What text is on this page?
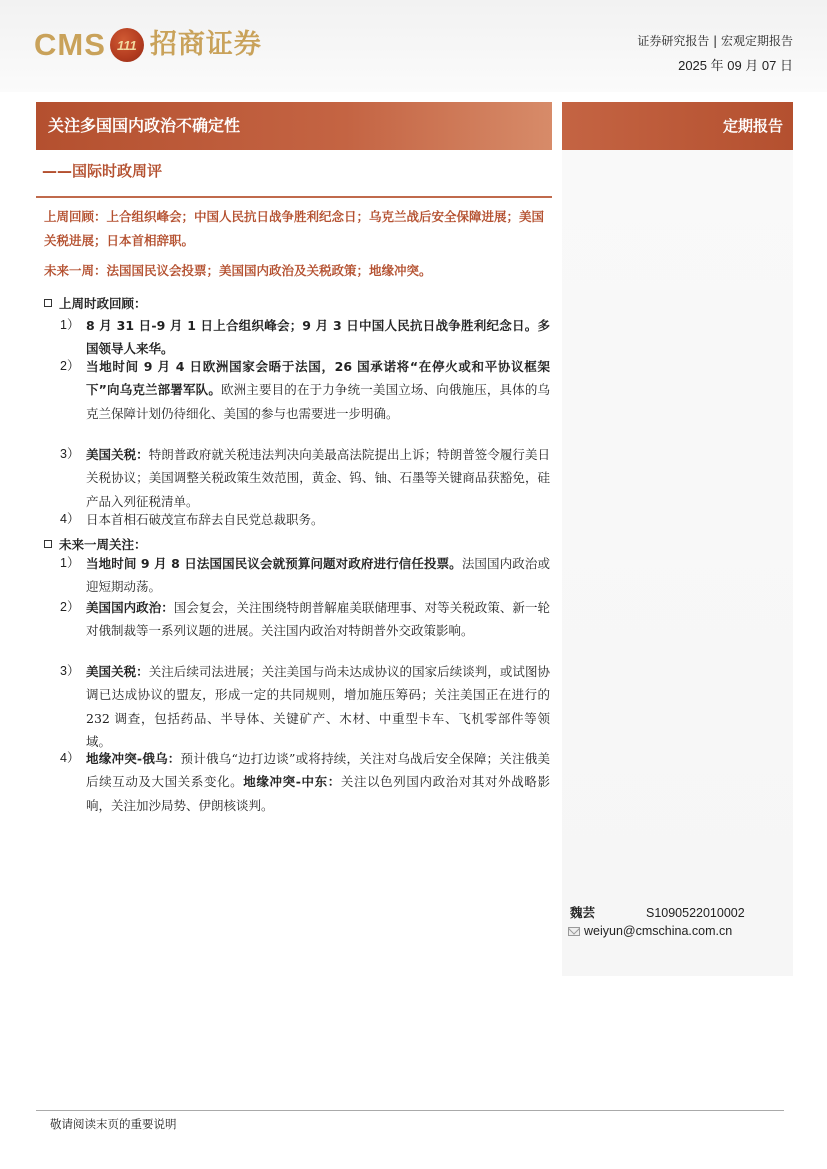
CMS 111 招商证券	证券研究报告 | 宏观定期报告
2025 年 09 月 07 日
关注多国国内政治不确定性
——国际时政周评
定期报告
魏芸	S1090522010002
weiyun@cmschina.com.cn
上周回顾：上合组织峰会；中国人民抗日战争胜利纪念日；乌克兰战后安全保障进展；美国关税进展；日本首相辞职。
未来一周：法国国民议会投票；美国国内政治及关税政策；地缘冲突。
上周时政回顾：
1） 8 月 31 日-9 月 1 日上合组织峰会；9 月 3 日中国人民抗日战争胜利纪念日。多国领导人来华。
2） 当地时间 9 月 4 日欧洲国家会晤于法国，26 国承诺将“在停火或和平协议框架下”向乌克兰部署军队。欧洲主要目的在于力争统一美国立场、向俄施压，具体的乌克兰保障计划仍待细化、美国的参与也需要进一步明确。
3） 美国关税：特朗普政府就关税违法判决向美最高法院提出上诉；特朗普签令履行美日关税协议；美国调整关税政策生效范围，黄金、钨、铀、石墨等关键商品获豁免，硅产品入列征税清单。
4） 日本首相石破茂宣布辞去自民党总裁职务。
未来一周关注：
1） 当地时间 9 月 8 日法国国民议会就预算问题对政府进行信任投票。法国国内政治或迎短期动荡。
2） 美国国内政治：国会复会，关注围绕特朗普解雇美联储理事、对等关税政策、新一轮对俄制裁等一系列议题的进展。关注国内政治对特朗普外交政策影响。
3） 美国关税：关注后续司法进展；关注美国与尚未达成协议的国家后续谈判，或试图协调已达成协议的盟友，形成一定的共同规则，增加施压筹码；关注美国正在进行的 232 调查，包括药品、半导体、关键矿产、木材、中重型卡车、飞机零部件等领域。
4） 地缘冲突-俄乌：预计俄乌“边打边谈”或将持续，关注对乌战后安全保障；关注俄美后续互动及大国关系变化。地缘冲突-中东：关注以色列国内政治对其对外战略影响，关注加沙局势、伊朗核谈判。
敬请阅读末页的重要说明
